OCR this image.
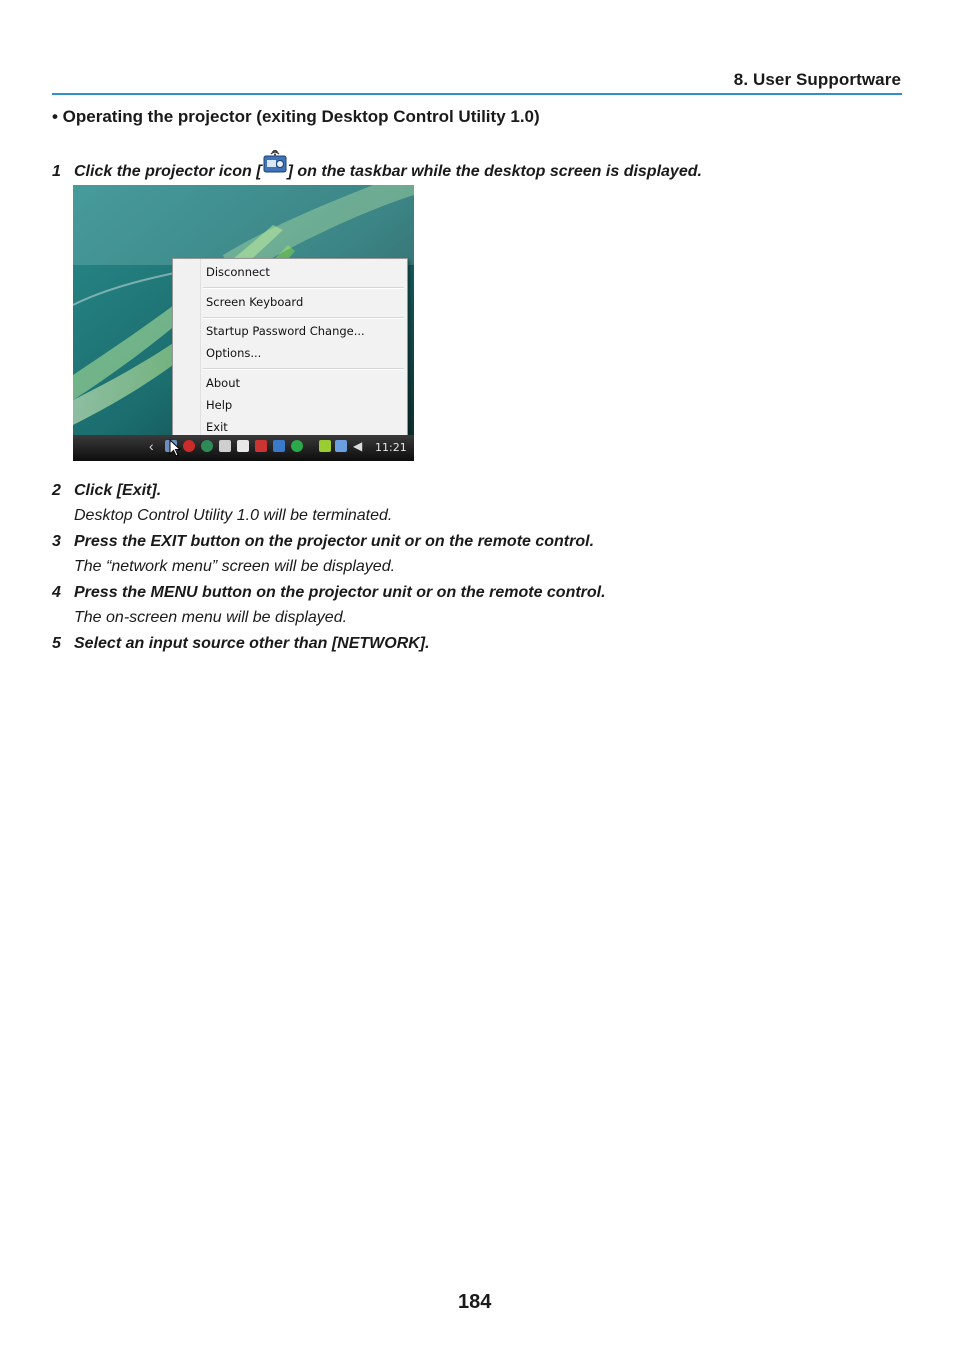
8. User Supportware
• Operating the projector (exiting Desktop Control Utility 1.0)
1 Click the projector icon [ ] on the taskbar while the desktop screen is displayed.
Disconnect
Screen Keyboard
Startup Password Change...
Options...
About
Help
Exit
‹	◀ 11:21
2 Click [Exit].
Desktop Control Utility 1.0 will be terminated.
3 Press the EXIT button on the projector unit or on the remote control.
The “network menu” screen will be displayed.
4 Press the MENU button on the projector unit or on the remote control.
The on-screen menu will be displayed.
5 Select an input source other than [NETWORK].
184
